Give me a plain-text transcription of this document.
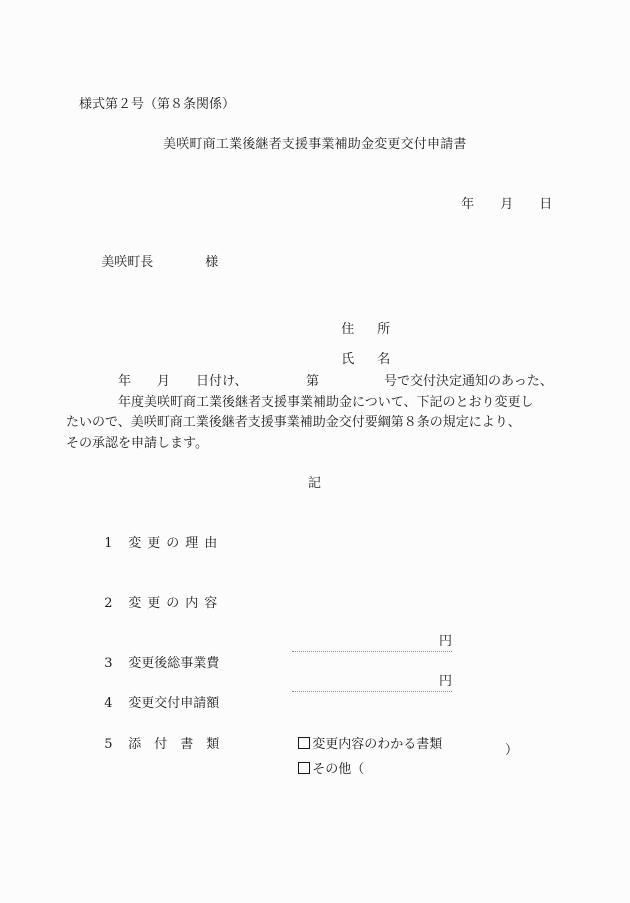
様式第２号（第８条関係）
美咲町商工業後継者支援事業補助金変更交付申請書

年 月 日

美咲町長	様

住 所

氏 名

年　　月　　日付け、　　　　　第　　　　　号で交付決定通知のあった、
年度美咲町商工業後継者支援事業補助金について、下記のとおり変更し
たいので、美咲町商工業後継者支援事業補助金交付要綱第８条の規定により、
その承認を申請します。
記

1 変更の理由

2 変更の内容

3 変更後総事業費

円

4 変更交付申請額

円

5 添付書類	変更内容のわかる書類

その他（

）
